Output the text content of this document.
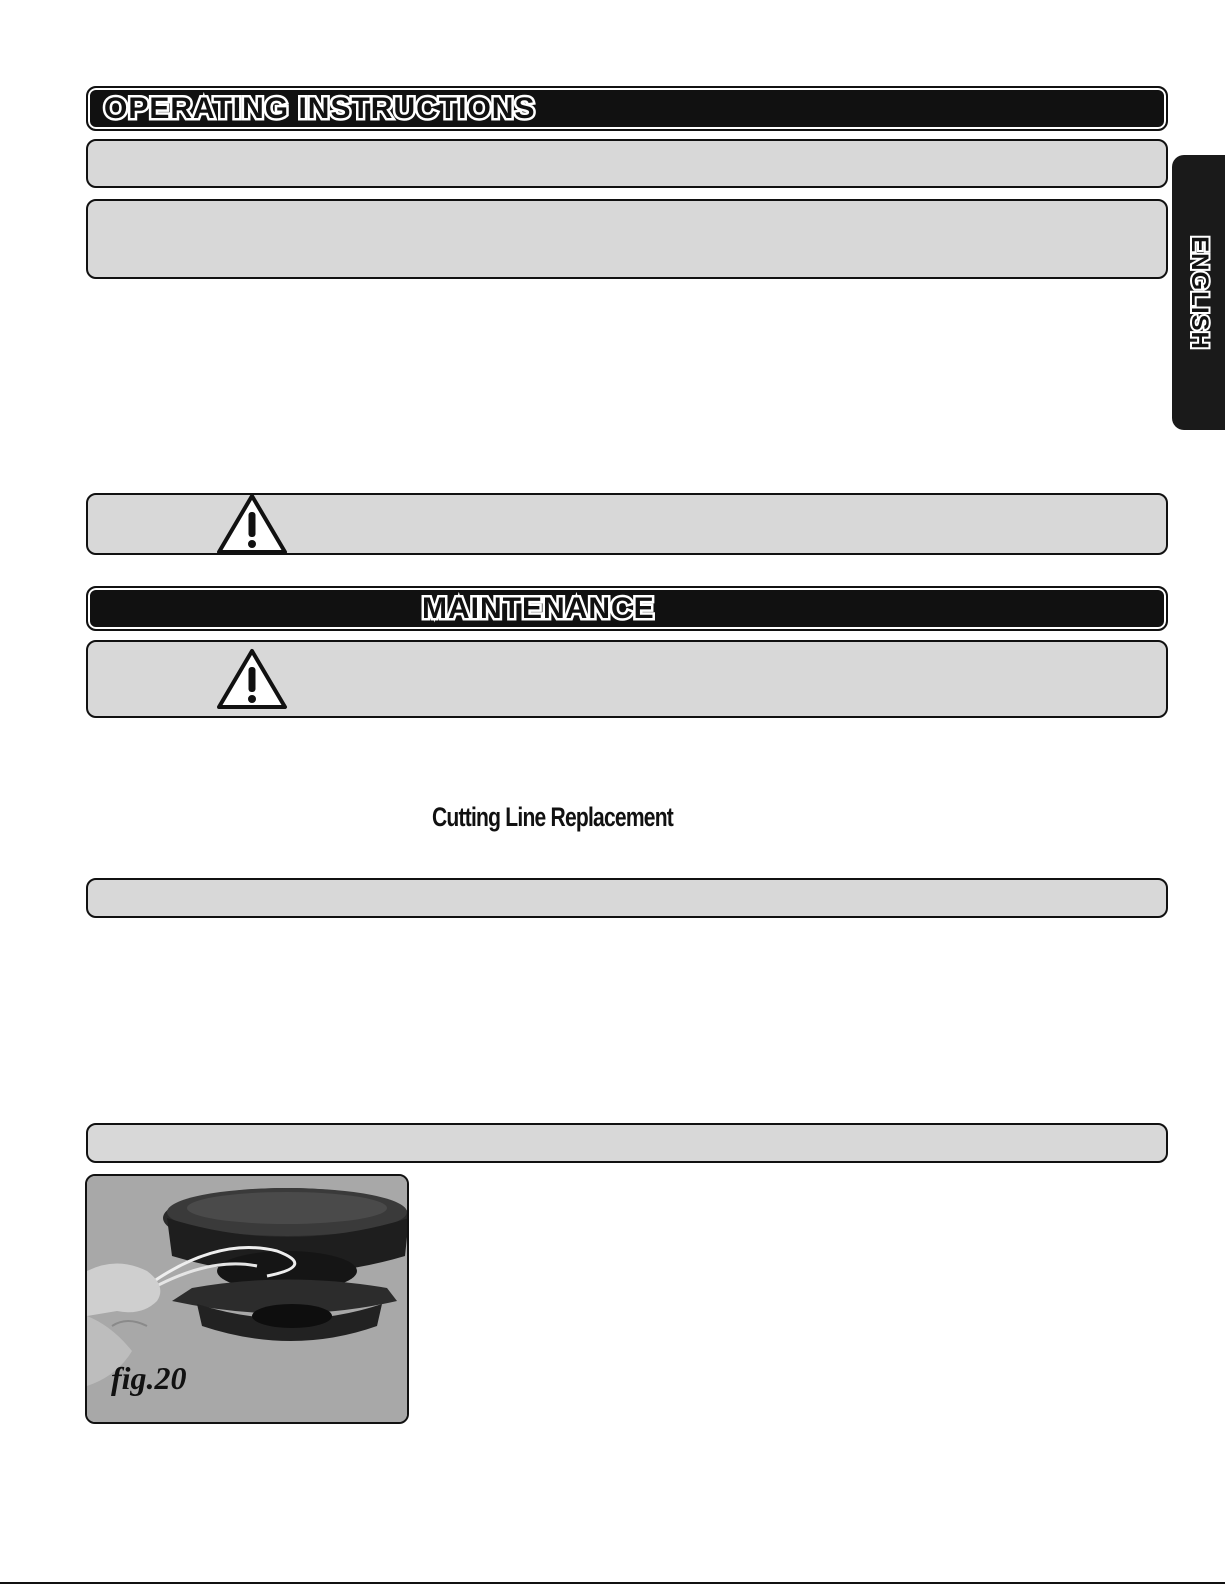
OPERATING INSTRUCTIONS
ENGLISH
MAINTENANCE
Cutting Line Replacement
fig.20
